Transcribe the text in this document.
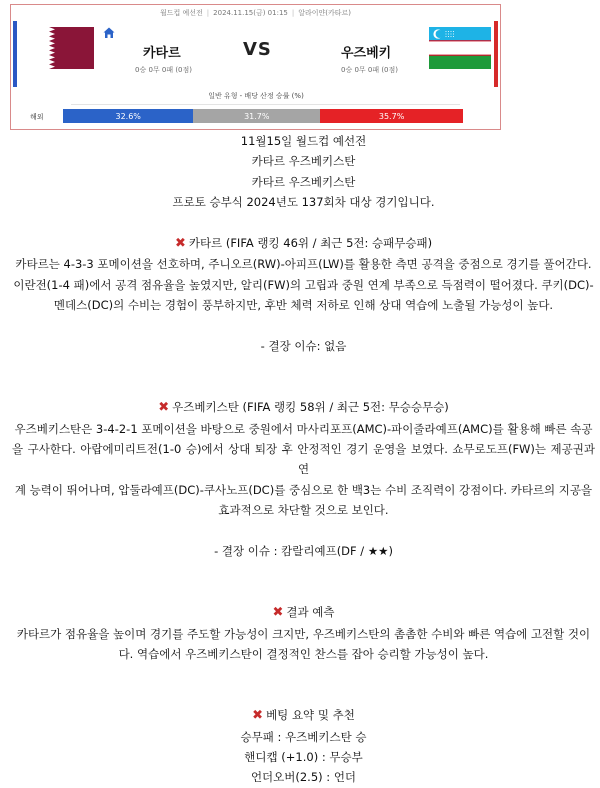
월드컵 예선전 | 2024.11.15(금) 01:15 | 알라이얀(카타르)
카타르	VS	우즈베키
0승 0무 0패 (0점)	0승 0무 0패 (0점)
일반 유형 - 배당 산정 승률 (%)
해외	32.6%	31.7%	35.7%
11월15일 월드컵 예선전
카타르 우즈베키스탄
카타르 우즈베키스탄
프로토 승부식 2024년도 137회차 대상 경기입니다.
✖ 카타르 (FIFA 랭킹 46위 / 최근 5전: 승패무승패)
카타르는 4-3-3 포메이션을 선호하며, 주니오르(RW)-아피프(LW)를 활용한 측면 공격을 중점으로 경기를 풀어간다.
이란전(1-4 패)에서 공격 점유율을 높였지만, 알리(FW)의 고립과 중원 연계 부족으로 득점력이 떨어졌다. 쿠키(DC)-
멘데스(DC)의 수비는 경험이 풍부하지만, 후반 체력 저하로 인해 상대 역습에 노출될 가능성이 높다.
- 결장 이슈: 없음
✖ 우즈베키스탄 (FIFA 랭킹 58위 / 최근 5전: 무승승무승)
우즈베키스탄은 3-4-2-1 포메이션을 바탕으로 중원에서 마사리포프(AMC)-파이줄라예프(AMC)를 활용해 빠른 속공
을 구사한다. 아랍에미리트전(1-0 승)에서 상대 퇴장 후 안정적인 경기 운영을 보였다. 쇼무로도프(FW)는 제공권과 연
계 능력이 뛰어나며, 압둘라예프(DC)-쿠사노프(DC)를 중심으로 한 백3는 수비 조직력이 강점이다. 카타르의 지공을
효과적으로 차단할 것으로 보인다.
- 결장 이슈 : 캄랄리예프(DF / ★★)
✖ 결과 예측
카타르가 점유율을 높이며 경기를 주도할 가능성이 크지만, 우즈베키스탄의 촘촘한 수비와 빠른 역습에 고전할 것이
다. 역습에서 우즈베키스탄이 결정적인 찬스를 잡아 승리할 가능성이 높다.
✖ 베팅 요약 및 추천
승무패 : 우즈베키스탄 승
핸디캡 (+1.0) : 무승부
언더오버(2.5) : 언더
